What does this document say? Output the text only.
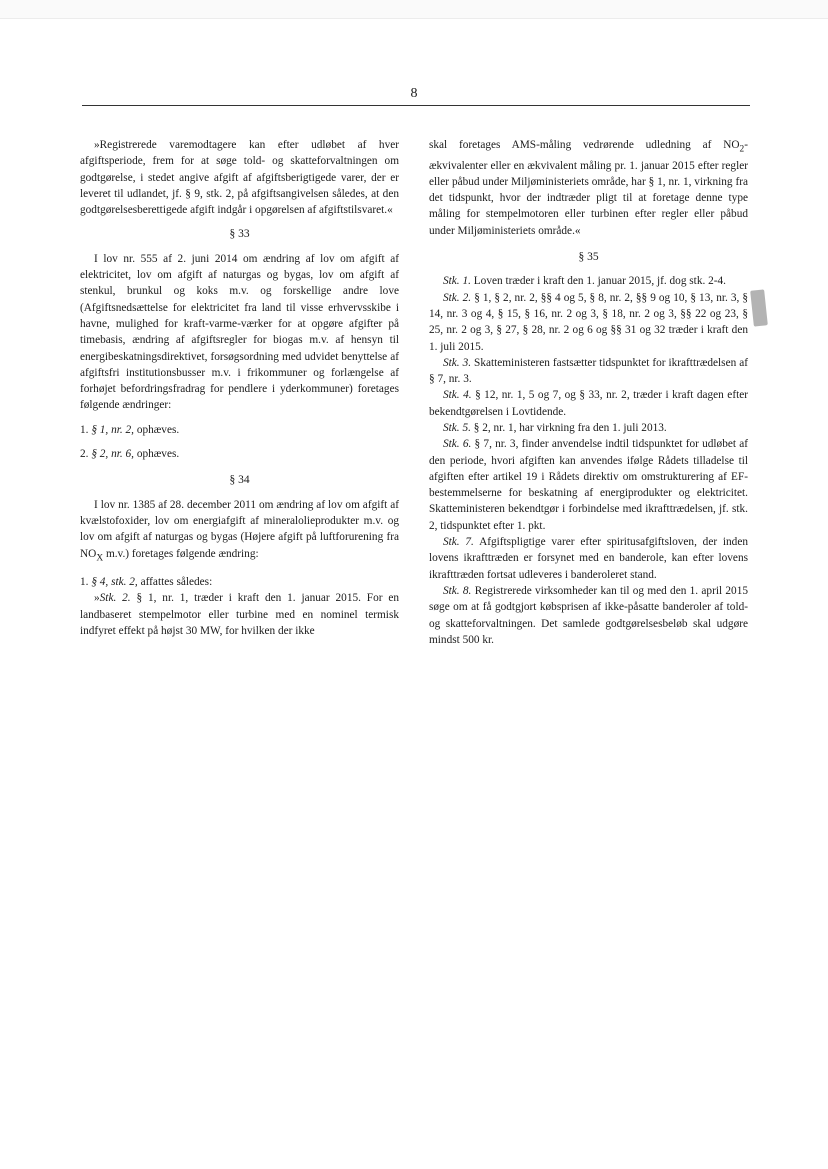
8

»Registrerede varemodtagere kan efter udløbet af hver afgiftsperiode, frem for at søge told- og skatteforvaltningen om godtgørelse, i stedet angive afgift af afgiftsberigtigede varer, der er leveret til udlandet, jf. § 9, stk. 2, på afgiftsangivelsen således, at den godtgørelsesberettigede afgift indgår i opgørelsen af afgiftstilsvaret.«

§ 33

I lov nr. 555 af 2. juni 2014 om ændring af lov om afgift af elektricitet, lov om afgift af naturgas og bygas, lov om afgift af stenkul, brunkul og koks m.v. og forskellige andre love (Afgiftsnedsættelse for elektricitet fra land til visse erhvervsskibe i havne, mulighed for kraft-varme-værker for at opgøre afgifter på timebasis, ændring af afgiftsregler for biogas m.v. af hensyn til energibeskatningsdirektivet, forsøgsordning med udvidet benyttelse af afgiftsfri institutionsbusser m.v. i frikommuner og forlængelse af forhøjet befordringsfradrag for pendlere i yderkommuner) foretages følgende ændringer:

1. § 1, nr. 2, ophæves.

2. § 2, nr. 6, ophæves.

§ 34

I lov nr. 1385 af 28. december 2011 om ændring af lov om afgift af kvælstofoxider, lov om energiafgift af mineralolieprodukter m.v. og lov om afgift af naturgas og bygas (Højere afgift på luftforurening fra $NO_X$ m.v.) foretages følgende ændring:

1. § 4, stk. 2, affattes således:

»Stk. 2. § 1, nr. 1, træder i kraft den 1. januar 2015. For en landbaseret stempelmotor eller turbine med en nominel termisk indfyret effekt på højst 30 MW, for hvilken der ikke

skal foretages AMS-måling vedrørende udledning af $NO_2$-ækvivalenter eller en ækvivalent måling pr. 1. januar 2015 efter regler eller påbud under Miljøministeriets område, har § 1, nr. 1, virkning fra det tidspunkt, hvor der indtræder pligt til at foretage denne type måling for stempelmotoren eller turbinen efter regler eller påbud under Miljøministeriets område.«

§ 35

Stk. 1. Loven træder i kraft den 1. januar 2015, jf. dog stk. 2-4.

Stk. 2. § 1, § 2, nr. 2, §§ 4 og 5, § 8, nr. 2, §§ 9 og 10, § 13, nr. 3, § 14, nr. 3 og 4, § 15, § 16, nr. 2 og 3, § 18, nr. 2 og 3, §§ 22 og 23, § 25, nr. 2 og 3, § 27, § 28, nr. 2 og 6 og §§ 31 og 32 træder i kraft den 1. juli 2015.

Stk. 3. Skatteministeren fastsætter tidspunktet for ikrafttrædelsen af § 7, nr. 3.

Stk. 4. § 12, nr. 1, 5 og 7, og § 33, nr. 2, træder i kraft dagen efter bekendtgørelsen i Lovtidende.

Stk. 5. § 2, nr. 1, har virkning fra den 1. juli 2013.

Stk. 6. § 7, nr. 3, finder anvendelse indtil tidspunktet for udløbet af den periode, hvori afgiften kan anvendes ifølge Rådets tilladelse til afgiften efter artikel 19 i Rådets direktiv om omstrukturering af EF-bestemmelserne for beskatning af energiprodukter og elektricitet. Skatteministeren bekendtgør i forbindelse med ikrafttrædelsen, jf. stk. 2, tidspunktet efter 1. pkt.

Stk. 7. Afgiftspligtige varer efter spiritusafgiftsloven, der inden lovens ikrafttræden er forsynet med en banderole, kan efter lovens ikrafttræden fortsat udleveres i banderoleret stand.

Stk. 8. Registrerede virksomheder kan til og med den 1. april 2015 søge om at få godtgjort købsprisen af ikke-påsatte banderoler af told- og skatteforvaltningen. Det samlede godtgørelsesbeløb skal udgøre mindst 500 kr.
